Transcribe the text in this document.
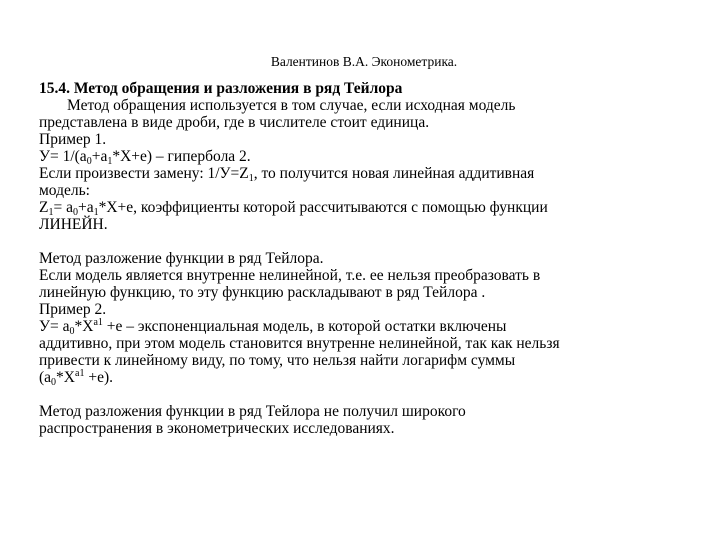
Валентинов В.А. Эконометрика.
15.4. Метод обращения и разложения в ряд Тейлора
Метод обращения используется в том случае, если исходная модель
представлена в виде дроби, где в числителе стоит единица.
Пример 1.
$У= 1/(a_0+a_1*X+e)$ – гипербола 2.
Если произвести замену: $1/У=Z_1$, то получится новая линейная аддитивная
модель:
$Z_1= a_0+a_1*X+e$, коэффициенты которой рассчитываются с помощью функции
ЛИНЕЙН.
Метод разложение функции в ряд Тейлора.
Если модель является внутренне нелинейной, т.е. ее нельзя преобразовать в
линейную функцию, то эту функцию раскладывают в ряд Тейлора .
Пример 2.
$У= a_0*X^{a1} +e$ – экспоненциальная модель, в которой остатки включены
аддитивно, при этом модель становится внутренне нелинейной, так как нельзя
привести к линейному виду, по тому, что нельзя найти логарифм суммы
$(a_0*X^{a1} +e)$.
Метод разложения функции в ряд Тейлора не получил широкого
распространения в эконометрических исследованиях.
